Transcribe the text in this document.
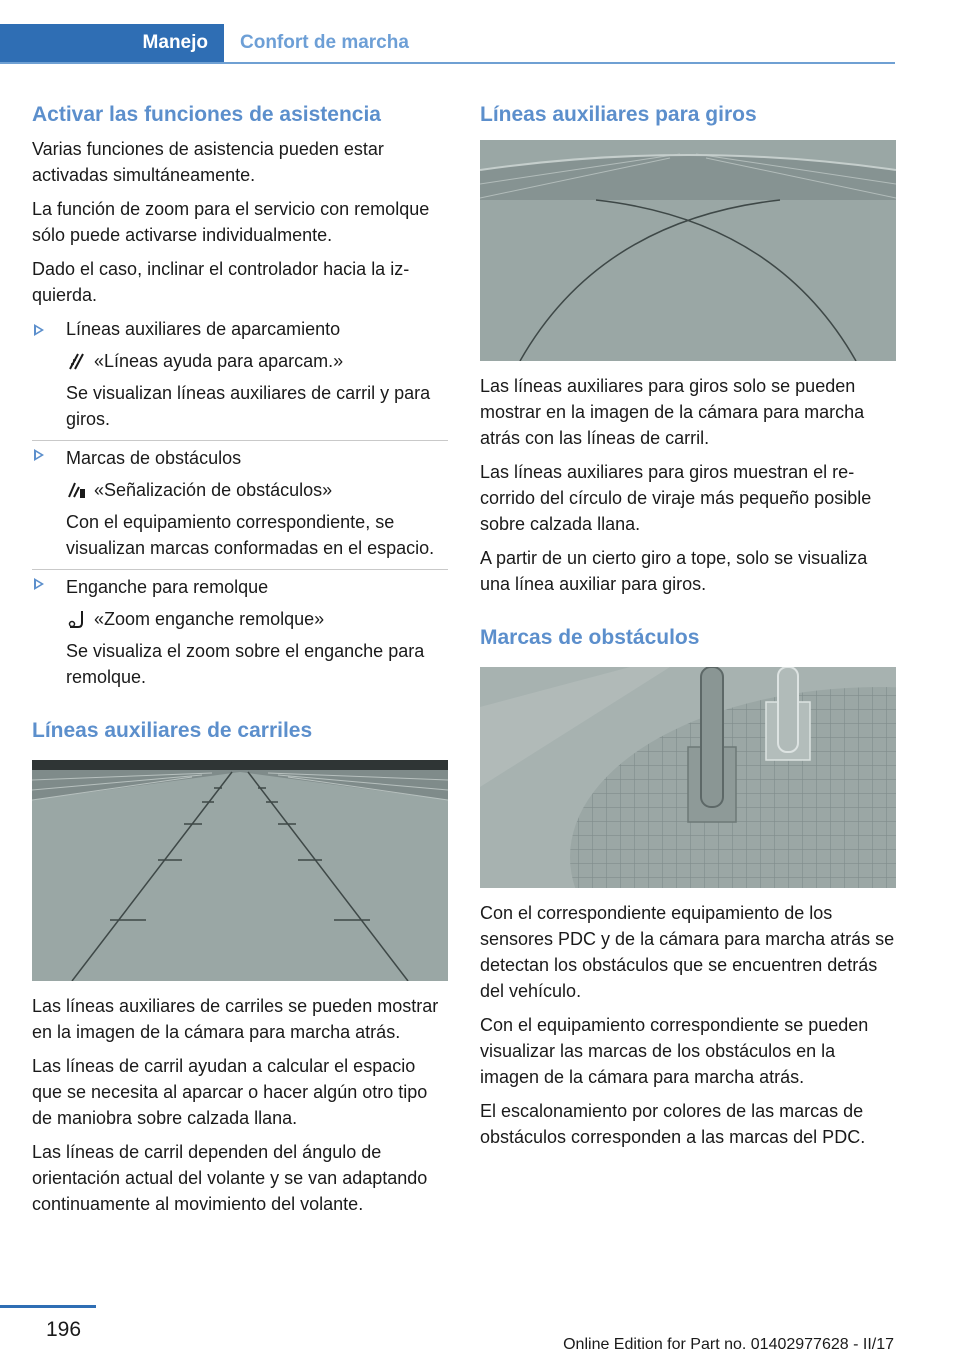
Manejo	Confort de marcha
Activar las funciones de asistencia

Varias funciones de asistencia pueden estar activadas simultáneamente.

La función de zoom para el servicio con remolque sólo puede activarse individualmente.

Dado el caso, inclinar el controlador hacia la izquierda.

Líneas auxiliares de aparcamiento

«Líneas ayuda para aparcam.»

Se visualizan líneas auxiliares de carril y para giros.

Marcas de obstáculos

«Señalización de obstáculos»

Con el equipamiento correspondiente, se visualizan marcas conformadas en el espacio.

Enganche para remolque

«Zoom enganche remolque»

Se visualiza el zoom sobre el enganche para remolque.

Líneas auxiliares de carriles

Las líneas auxiliares de carriles se pueden mostrar en la imagen de la cámara para marcha atrás.

Las líneas de carril ayudan a calcular el espacio que se necesita al aparcar o hacer algún otro tipo de maniobra sobre calzada llana.

Las líneas de carril dependen del ángulo de orientación actual del volante y se van adaptando continuamente al movimiento del volante.

Líneas auxiliares para giros

Las líneas auxiliares para giros solo se pueden mostrar en la imagen de la cámara para marcha atrás con las líneas de carril.

Las líneas auxiliares para giros muestran el recorrido del círculo de viraje más pequeño posible sobre calzada llana.

A partir de un cierto giro a tope, solo se visualiza una línea auxiliar para giros.

Marcas de obstáculos

Con el correspondiente equipamiento de los sensores PDC y de la cámara para marcha atrás se detectan los obstáculos que se encuentren detrás del vehículo.

Con el equipamiento correspondiente se pueden visualizar las marcas de los obstáculos en la imagen de la cámara para marcha atrás.

El escalonamiento por colores de las marcas de obstáculos corresponden a las marcas del PDC.

196
Online Edition for Part no. 01402977628 - II/17
